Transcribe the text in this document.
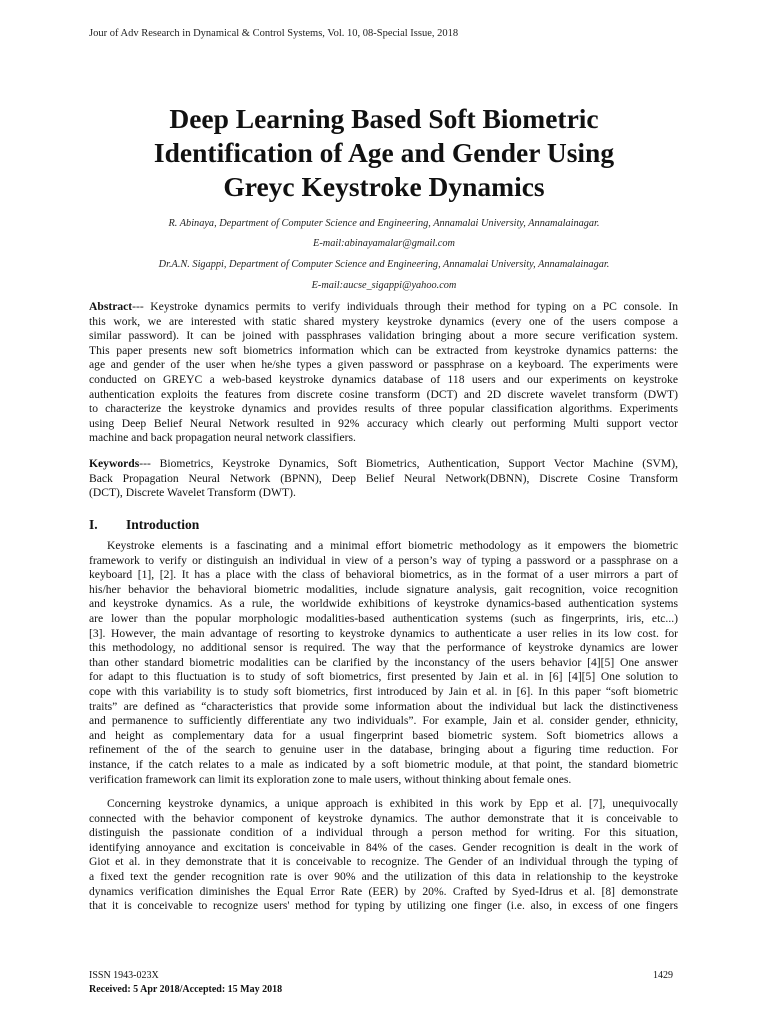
Jour of Adv Research in Dynamical & Control Systems, Vol. 10, 08-Special Issue, 2018
Deep Learning Based Soft Biometric
Identification of Age and Gender Using
Greyc Keystroke Dynamics
R. Abinaya, Department of Computer Science and Engineering, Annamalai University, Annamalainagar.
E-mail:abinayamalar@gmail.com
Dr.A.N. Sigappi, Department of Computer Science and Engineering, Annamalai University, Annamalainagar.
E-mail:aucse_sigappi@yahoo.com
Abstract--- Keystroke dynamics permits to verify individuals through their method for typing on a PC console. In
this work, we are interested with static shared mystery keystroke dynamics (every one of the users compose a
similar password). It can be joined with passphrases validation bringing about a more secure verification system.
This paper presents new soft biometrics information which can be extracted from keystroke dynamics patterns: the
age and gender of the user when he/she types a given password or passphrase on a keyboard. The experiments were
conducted on GREYC a web-based keystroke dynamics database of 118 users and our experiments on keystroke
authentication exploits the features from discrete cosine transform (DCT) and 2D discrete wavelet transform (DWT)
to characterize the keystroke dynamics and provides results of three popular classification algorithms. Experiments
using Deep Belief Neural Network resulted in 92% accuracy which clearly out performing Multi support vector
machine and back propagation neural network classifiers.
Keywords--- Biometrics, Keystroke Dynamics, Soft Biometrics, Authentication, Support Vector Machine (SVM),
Back Propagation Neural Network (BPNN), Deep Belief Neural Network(DBNN), Discrete Cosine Transform
(DCT), Discrete Wavelet Transform (DWT).
I. Introduction
Keystroke elements is a fascinating and a minimal effort biometric methodology as it empowers the biometric
framework to verify or distinguish an individual in view of a person’s way of typing a password or a passphrase on a
keyboard [1], [2]. It has a place with the class of behavioral biometrics, as in the format of a user mirrors a part of
his/her behavior the behavioral biometric modalities, include signature analysis, gait recognition, voice recognition
and keystroke dynamics. As a rule, the worldwide exhibitions of keystroke dynamics-based authentication systems
are lower than the popular morphologic modalities-based authentication systems (such as fingerprints, iris, etc...)
[3]. However, the main advantage of resorting to keystroke dynamics to authenticate a user relies in its low cost. for
this methodology, no additional sensor is required. The way that the performance of keystroke dynamics are lower
than other standard biometric modalities can be clarified by the inconstancy of the users behavior [4][5] One answer
for adapt to this fluctuation is to study of soft biometrics, first presented by Jain et al. in [6] [4][5] One solution to
cope with this variability is to study soft biometrics, first introduced by Jain et al. in [6]. In this paper “soft biometric
traits” are defined as “characteristics that provide some information about the individual but lack the distinctiveness
and permanence to sufficiently differentiate any two individuals”. For example, Jain et al. consider gender, ethnicity,
and height as complementary data for a usual fingerprint based biometric system. Soft biometrics allows a
refinement of the of the search to genuine user in the database, bringing about a figuring time reduction. For
instance, if the catch relates to a male as indicated by a soft biometric module, at that point, the standard biometric
verification framework can limit its exploration zone to male users, without thinking about female ones.
Concerning keystroke dynamics, a unique approach is exhibited in this work by Epp et al. [7], unequivocally
connected with the behavior component of keystroke dynamics. The author demonstrate that it is conceivable to
distinguish the passionate condition of a individual through a person method for writing. For this situation,
identifying annoyance and excitation is conceivable in 84% of the cases. Gender recognition is dealt in the work of
Giot et al. in they demonstrate that it is conceivable to recognize. The Gender of an individual through the typing of
a fixed text the gender recognition rate is over 90% and the utilization of this data in relationship to the keystroke
dynamics verification diminishes the Equal Error Rate (EER) by 20%. Crafted by Syed-Idrus et al. [8] demonstrate
that it is conceivable to recognize users' method for typing by utilizing one finger (i.e. also, in excess of one fingers
ISSN 1943-023X
Received: 5 Apr 2018/Accepted: 15 May 2018
1429
